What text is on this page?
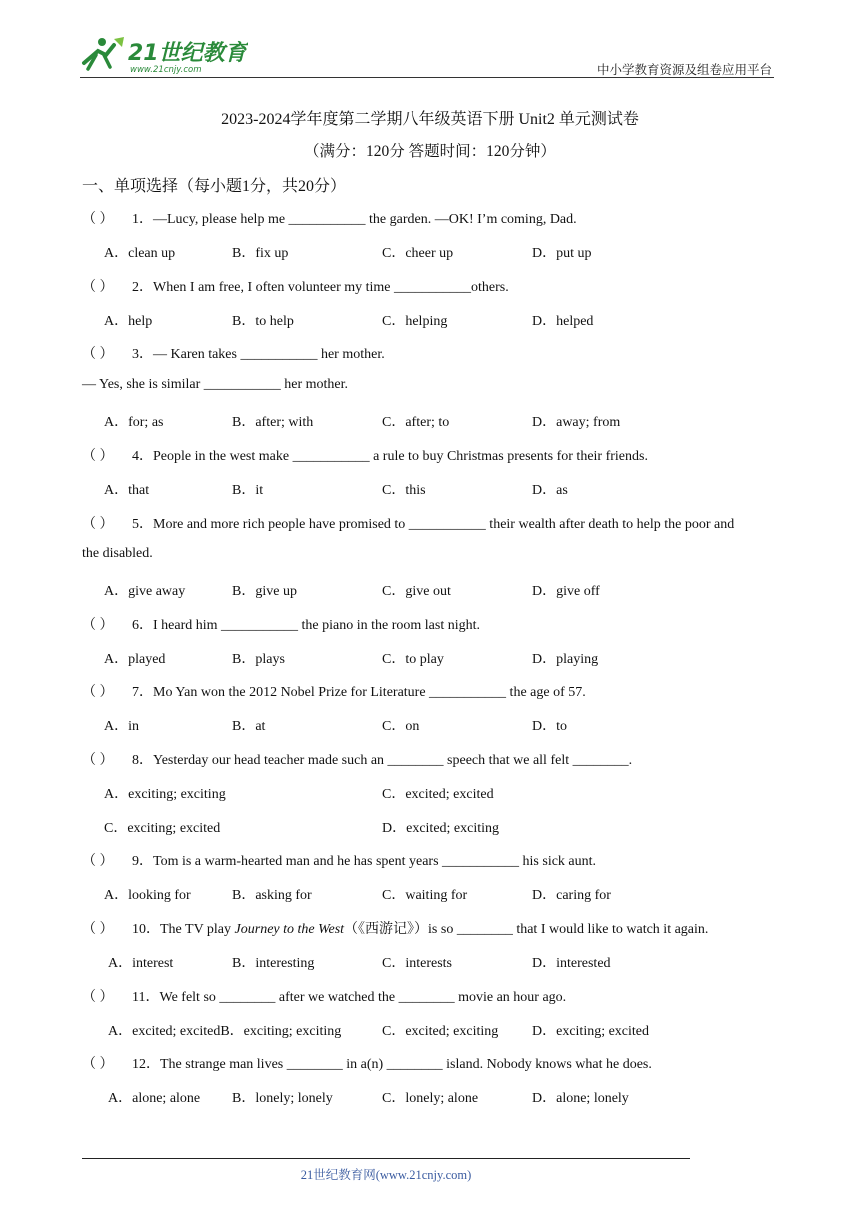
21世纪教育
www.21cnjy.com	中小学教育资源及组卷应用平台
2023-2024学年度第二学期八年级英语下册 Unit2 单元测试卷
（满分：120分 答题时间：120分钟）
一、单项选择（每小题1分，共20分）
（ ） 1．—Lucy, please help me ___________ the garden. —OK! I’m coming, Dad.
A．clean up	B．fix up	C．cheer up	D．put up
（ ） 2．When I am free, I often volunteer my time ___________others.
A．help	B．to help	C．helping	D．helped
（ ） 3．— Karen takes ___________ her mother.
— Yes, she is similar ___________ her mother.
A．for; as	B．after; with	C．after; to	D．away; from
（ ） 4．People in the west make ___________ a rule to buy Christmas presents for their friends.
A．that	B．it	C．this	D．as
（ ） 5．More and more rich people have promised to ___________ their wealth after death to help the poor and
the disabled.
A．give away	B．give up	C．give out	D．give off
（ ） 6．I heard him ___________ the piano in the room last night.
A．played	B．plays	C．to play	D．playing
（ ） 7．Mo Yan won the 2012 Nobel Prize for Literature ___________ the age of 57.
A．in	B．at	C．on	D．to
（ ） 8．Yesterday our head teacher made such an ________ speech that we all felt ________.
A．exciting; exciting	C．excited; excited
C．exciting; excited	D．excited; exciting
（ ） 9．Tom is a warm-hearted man and he has spent years ___________ his sick aunt.
A．looking for	B．asking for	C．waiting for	D．caring for
（ ） 10．The TV play Journey to the West（《西游记》）is so ________ that I would like to watch it again.
A．interest	B．interesting	C．interests	D．interested
（ ） 11．We felt so ________ after we watched the ________ movie an hour ago.
A．excited; excitedB．exciting; exciting	C．excited; exciting D．exciting; excited
（ ） 12．The strange man lives ________ in a(n) ________ island. Nobody knows what he does.
A．alone; alone B．lonely; lonely	C．lonely; alone	D．alone; lonely
21世纪教育网(www.21cnjy.com)
